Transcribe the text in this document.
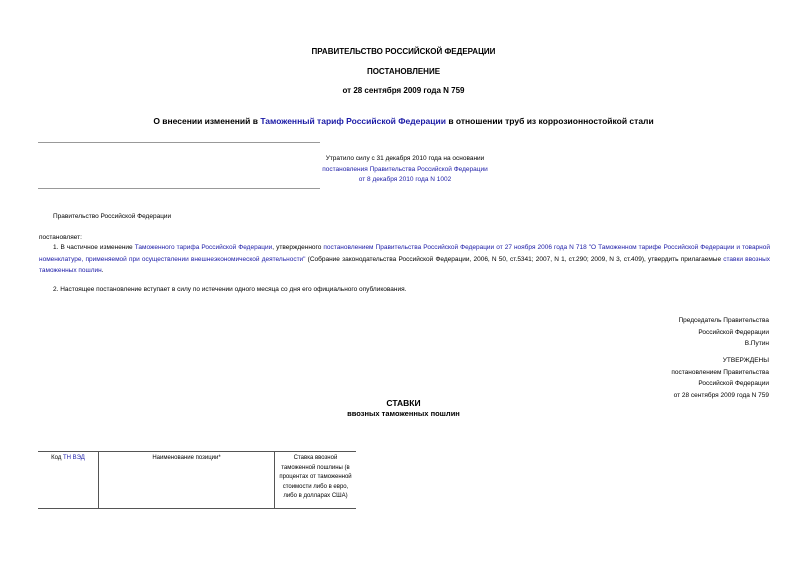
ПРАВИТЕЛЬСТВО РОССИЙСКОЙ ФЕДЕРАЦИИ
ПОСТАНОВЛЕНИЕ
от 28 сентября 2009 года N 759
О внесении изменений в Таможенный тариф Российской Федерации в отношении труб из коррозионностойкой стали
Утратило силу с 31 декабря 2010 года на основании
постановления Правительства Российской Федерации
от 8 декабря 2010 года N 1002
Правительство Российской Федерации
постановляет:
1. В частичное изменение Таможенного тарифа Российской Федерации, утвержденного постановлением Правительства Российской Федерации от 27 ноября 2006 года N 718 "О Таможенном тарифе Российской Федерации и товарной номенклатуре, применяемой при осуществлении внешнеэкономической деятельности" (Собрание законодательства Российской Федерации, 2006, N 50, ст.5341; 2007, N 1, ст.290; 2009, N 3, ст.409), утвердить прилагаемые ставки ввозных таможенных пошлин.
2. Настоящее постановление вступает в силу по истечении одного месяца со дня его официального опубликования.
Председатель Правительства
Российской Федерации
В.Путин
УТВЕРЖДЕНЫ
постановлением Правительства
Российской Федерации
от 28 сентября 2009 года N 759
СТАВКИ
ввозных таможенных пошлин
Код ТН ВЭД	Наименование позиции*	Ставка ввозной таможенной пошлины (в процентах от таможенной стоимости либо в евро, либо в долларах США)
